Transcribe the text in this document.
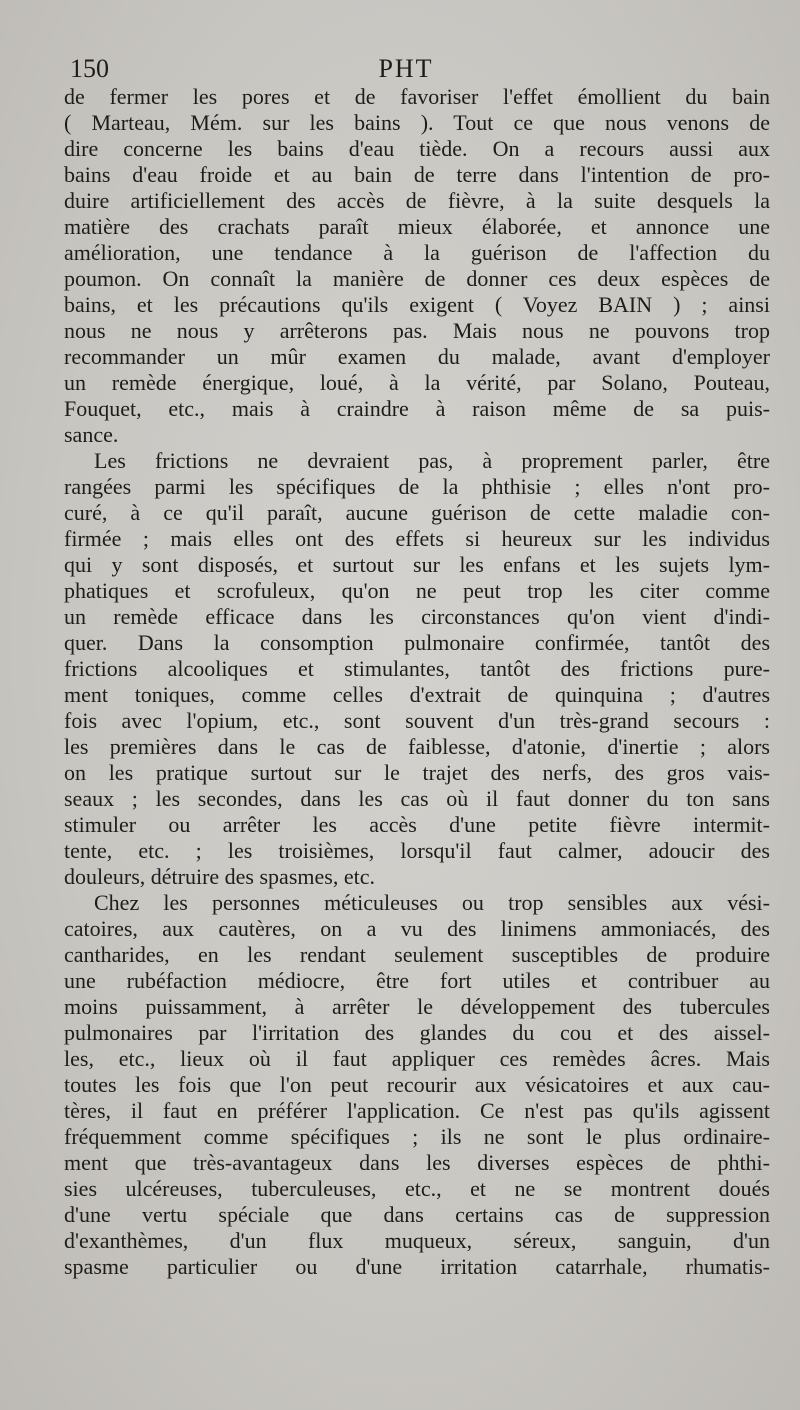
150	PHT
de fermer les pores et de favoriser l'effet émollient du bain
( Marteau, Mém. sur les bains ). Tout ce que nous venons de
dire concerne les bains d'eau tiède. On a recours aussi aux
bains d'eau froide et au bain de terre dans l'intention de pro-
duire artificiellement des accès de fièvre, à la suite desquels la
matière des crachats paraît mieux élaborée, et annonce une
amélioration, une tendance à la guérison de l'affection du
poumon. On connaît la manière de donner ces deux espèces de
bains, et les précautions qu'ils exigent ( Voyez BAIN ) ; ainsi
nous ne nous y arrêterons pas. Mais nous ne pouvons trop
recommander un mûr examen du malade, avant d'employer
un remède énergique, loué, à la vérité, par Solano, Pouteau,
Fouquet, etc., mais à craindre à raison même de sa puis-
sance.
Les frictions ne devraient pas, à proprement parler, être
rangées parmi les spécifiques de la phthisie ; elles n'ont pro-
curé, à ce qu'il paraît, aucune guérison de cette maladie con-
firmée ; mais elles ont des effets si heureux sur les individus
qui y sont disposés, et surtout sur les enfans et les sujets lym-
phatiques et scrofuleux, qu'on ne peut trop les citer comme
un remède efficace dans les circonstances qu'on vient d'indi-
quer. Dans la consomption pulmonaire confirmée, tantôt des
frictions alcooliques et stimulantes, tantôt des frictions pure-
ment toniques, comme celles d'extrait de quinquina ; d'autres
fois avec l'opium, etc., sont souvent d'un très-grand secours :
les premières dans le cas de faiblesse, d'atonie, d'inertie ; alors
on les pratique surtout sur le trajet des nerfs, des gros vais-
seaux ; les secondes, dans les cas où il faut donner du ton sans
stimuler ou arrêter les accès d'une petite fièvre intermit-
tente, etc. ; les troisièmes, lorsqu'il faut calmer, adoucir des
douleurs, détruire des spasmes, etc.
Chez les personnes méticuleuses ou trop sensibles aux vési-
catoires, aux cautères, on a vu des linimens ammoniacés, des
cantharides, en les rendant seulement susceptibles de produire
une rubéfaction médiocre, être fort utiles et contribuer au
moins puissamment, à arrêter le développement des tubercules
pulmonaires par l'irritation des glandes du cou et des aissel-
les, etc., lieux où il faut appliquer ces remèdes âcres. Mais
toutes les fois que l'on peut recourir aux vésicatoires et aux cau-
tères, il faut en préférer l'application. Ce n'est pas qu'ils agissent
fréquemment comme spécifiques ; ils ne sont le plus ordinaire-
ment que très-avantageux dans les diverses espèces de phthi-
sies ulcéreuses, tuberculeuses, etc., et ne se montrent doués
d'une vertu spéciale que dans certains cas de suppression
d'exanthèmes, d'un flux muqueux, séreux, sanguin, d'un
spasme particulier ou d'une irritation catarrhale, rhumatis-
